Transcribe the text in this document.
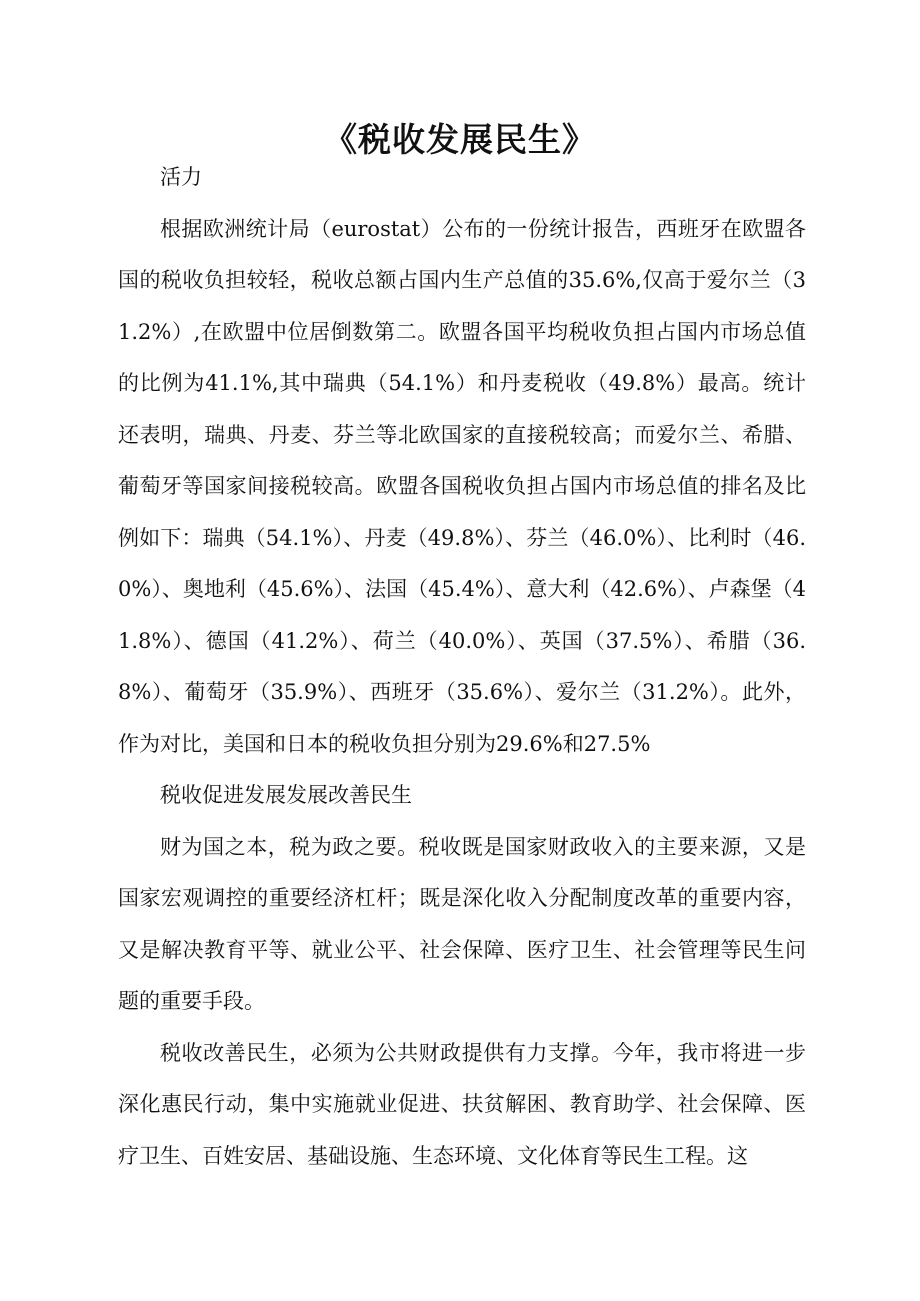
《税收发展民生》

活力

根据欧洲统计局（eurostat）公布的一份统计报告，西班牙在欧盟各国的税收负担较轻，税收总额占国内生产总值的35.6%,仅高于爱尔兰（31.2%）,在欧盟中位居倒数第二。欧盟各国平均税收负担占国内市场总值的比例为41.1%,其中瑞典（54.1%）和丹麦税收（49.8%）最高。统计还表明，瑞典、丹麦、芬兰等北欧国家的直接税较高；而爱尔兰、希腊、葡萄牙等国家间接税较高。欧盟各国税收负担占国内市场总值的排名及比例如下：瑞典（54.1%）、丹麦（49.8%）、芬兰（46.0%）、比利时（46.0%）、奥地利（45.6%）、法国（45.4%）、意大利（42.6%）、卢森堡（41.8%）、德国（41.2%）、荷兰（40.0%）、英国（37.5%）、希腊（36.8%）、葡萄牙（35.9%）、西班牙（35.6%）、爱尔兰（31.2%）。此外，作为对比，美国和日本的税收负担分别为29.6%和27.5%

税收促进发展发展改善民生

财为国之本，税为政之要。税收既是国家财政收入的主要来源，又是国家宏观调控的重要经济杠杆；既是深化收入分配制度改革的重要内容，又是解决教育平等、就业公平、社会保障、医疗卫生、社会管理等民生问题的重要手段。

税收改善民生，必须为公共财政提供有力支撑。今年，我市将进一步深化惠民行动，集中实施就业促进、扶贫解困、教育助学、社会保障、医疗卫生、百姓安居、基础设施、生态环境、文化体育等民生工程。这
